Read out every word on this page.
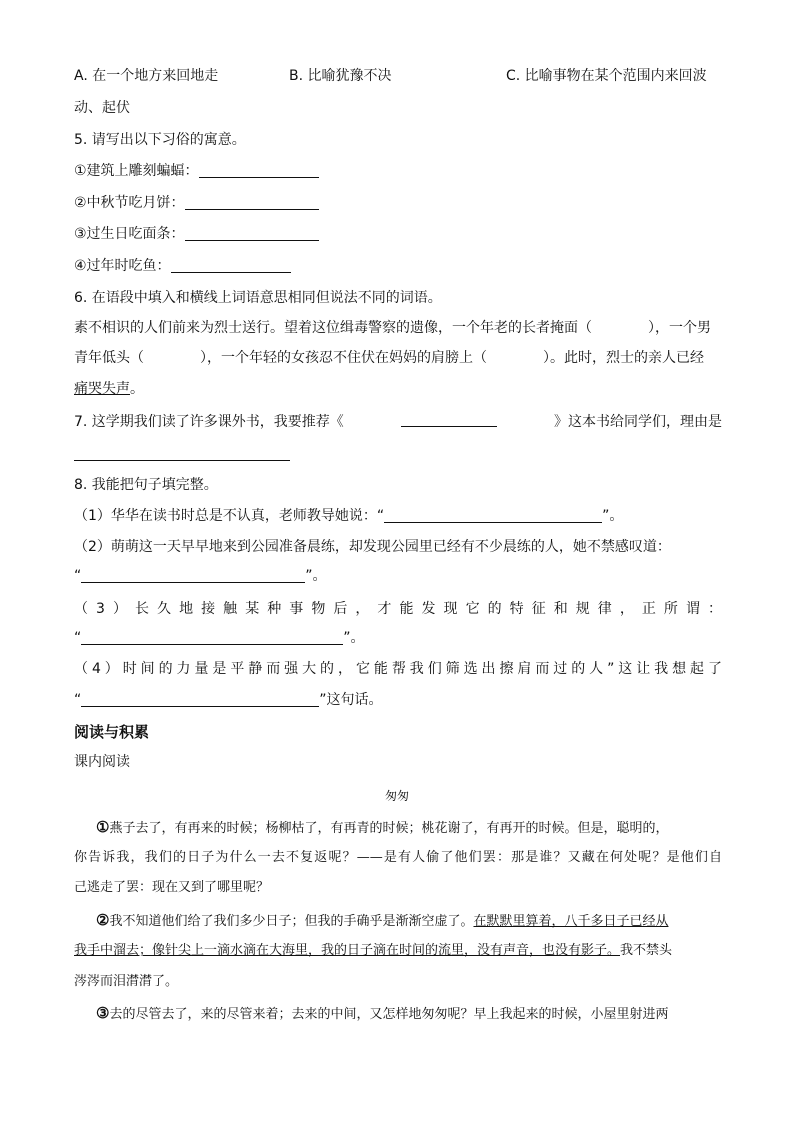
A. 在一个地方来回地走	B. 比喻犹豫不决	C. 比喻事物在某个范围内来回波
动、起伏
5. 请写出以下习俗的寓意。
①建筑上雕刻蝙蝠：
②中秋节吃月饼：
③过生日吃面条：
④过年时吃鱼：
6. 在语段中填入和横线上词语意思相同但说法不同的词语。
素不相识的人们前来为烈士送行。望着这位缉毒警察的遗像，一个年老的长者掩面（　　　　），一个男
青年低头（　　　　），一个年轻的女孩忍不住伏在妈妈的肩膀上（　　　　）。此时，烈士的亲人已经
痛哭失声。
7. 这学期我们读了许多课外书，我要推荐《	》这本书给同学们，理由是
8. 我能把句子填完整。
（1）华华在读书时总是不认真，老师教导她说：“	”。
（2）萌萌这一天早早地来到公园准备晨练，却发现公园里已经有不少晨练的人，她不禁感叹道：
“	”。
（3）长久地接触某种事物后，才能发现它的特征和规律，正所谓：
“	”。
（4）时间的力量是平静而强大的，它能帮我们筛选出擦肩而过的人”这让我想起了
“	”这句话。
阅读与积累
课内阅读
匆匆
①燕子去了，有再来的时候；杨柳枯了，有再青的时候；桃花谢了，有再开的时候。但是，聪明的，
你告诉我，我们的日子为什么一去不复返呢？——是有人偷了他们罢：那是谁？又藏在何处呢？是他们自
己逃走了罢：现在又到了哪里呢？
②我不知道他们给了我们多少日子；但我的手确乎是渐渐空虚了。在默默里算着，八千多日子已经从
我手中溜去；像针尖上一滴水滴在大海里，我的日子滴在时间的流里，没有声音，也没有影子。我不禁头
涔涔而泪潸潸了。
③去的尽管去了，来的尽管来着；去来的中间，又怎样地匆匆呢？早上我起来的时候，小屋里射进两
